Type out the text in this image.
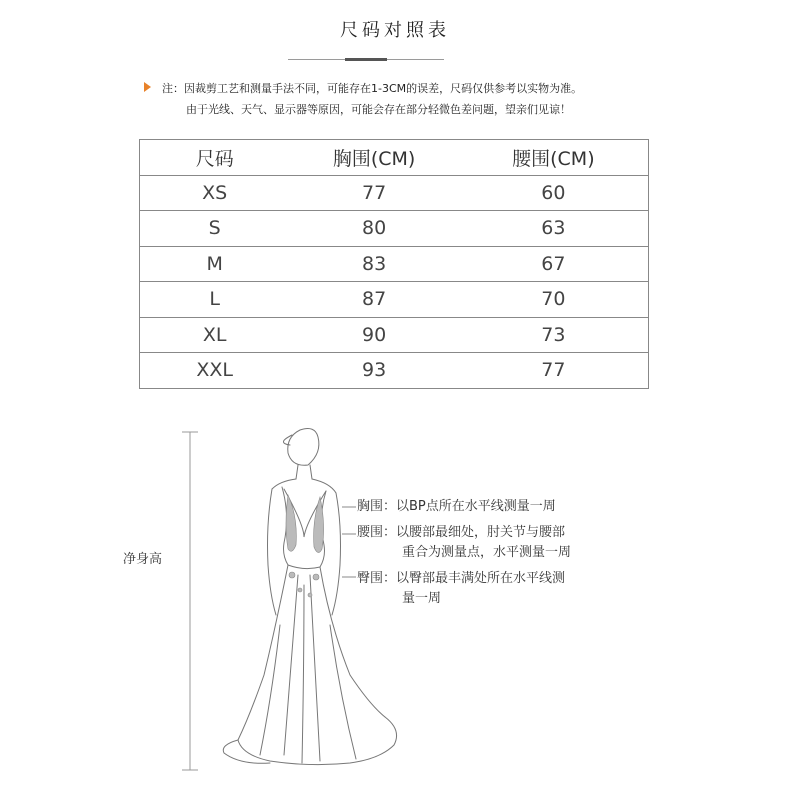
尺码对照表
注：因裁剪工艺和测量手法不同，可能存在1-3CM的误差，尺码仅供参考以实物为准。
由于光线、天气、显示器等原因，可能会存在部分轻微色差问题，望亲们见谅！
尺码	胸围(CM)	腰围(CM)
XS	77	60
S	80	63
M	83	67
L	87	70
XL	90	73
XXL	93	77
净身高
胸围：以BP点所在水平线测量一周
腰围：以腰部最细处，肘关节与腰部
重合为测量点，水平测量一周
臀围：以臀部最丰满处所在水平线测
量一周
